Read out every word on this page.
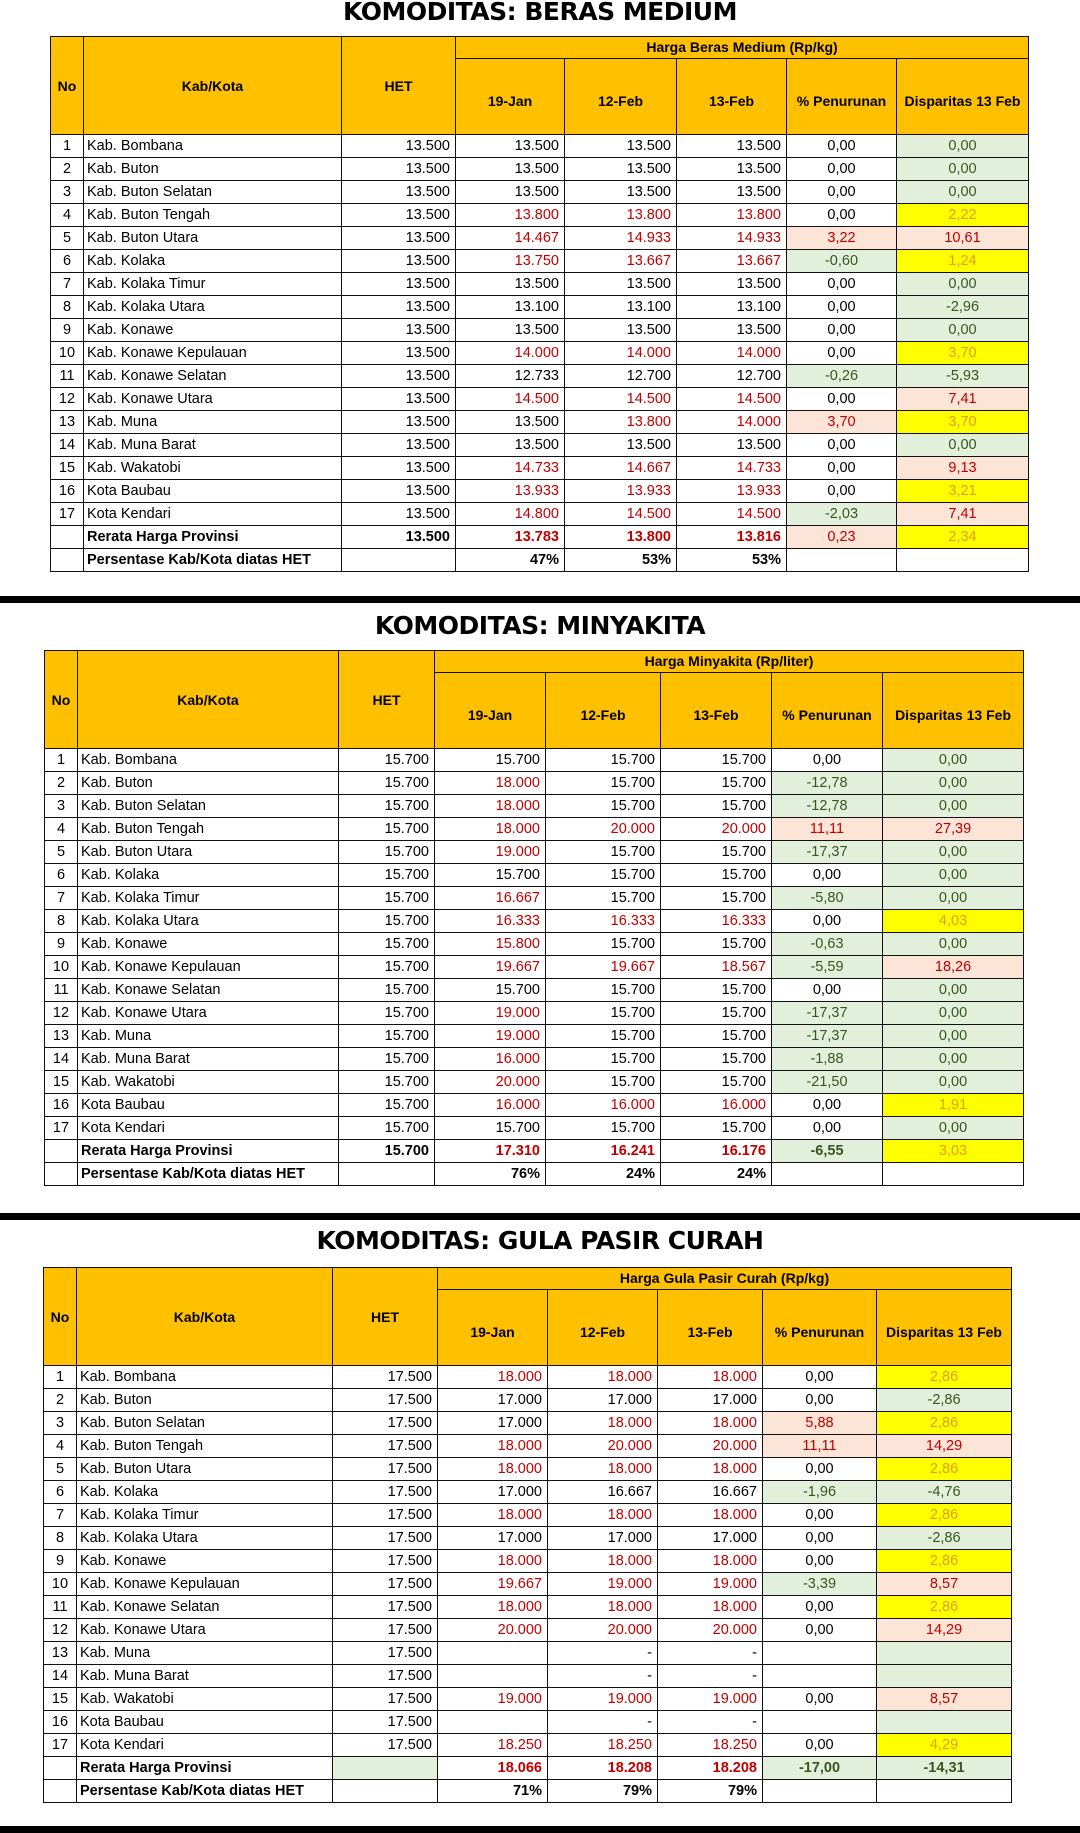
KOMODITAS: BERAS MEDIUM
No	Kab/Kota	HET	Harga Beras Medium (Rp/kg)				
			19-Jan	12-Feb	13-Feb	% Penurunan	Disparitas 13 Feb
1	Kab. Bombana	13.500	13.500	13.500	13.500	0,00	0,00
2	Kab. Buton	13.500	13.500	13.500	13.500	0,00	0,00
3	Kab. Buton Selatan	13.500	13.500	13.500	13.500	0,00	0,00
4	Kab. Buton Tengah	13.500	13.800	13.800	13.800	0,00	2,22
5	Kab. Buton Utara	13.500	14.467	14.933	14.933	3,22	10,61
6	Kab. Kolaka	13.500	13.750	13.667	13.667	-0,60	1,24
7	Kab. Kolaka Timur	13.500	13.500	13.500	13.500	0,00	0,00
8	Kab. Kolaka Utara	13.500	13.100	13.100	13.100	0,00	-2,96
9	Kab. Konawe	13.500	13.500	13.500	13.500	0,00	0,00
10	Kab. Konawe Kepulauan	13.500	14.000	14.000	14.000	0,00	3,70
11	Kab. Konawe Selatan	13.500	12.733	12.700	12.700	-0,26	-5,93
12	Kab. Konawe Utara	13.500	14.500	14.500	14.500	0,00	7,41
13	Kab. Muna	13.500	13.500	13.800	14.000	3,70	3,70
14	Kab. Muna Barat	13.500	13.500	13.500	13.500	0,00	0,00
15	Kab. Wakatobi	13.500	14.733	14.667	14.733	0,00	9,13
16	Kota Baubau	13.500	13.933	13.933	13.933	0,00	3,21
17	Kota Kendari	13.500	14.800	14.500	14.500	-2,03	7,41
	Rerata Harga Provinsi	13.500	13.783	13.800	13.816	0,23	2,34
	Persentase Kab/Kota diatas HET		47%	53%	53%		
KOMODITAS: MINYAKITA
No	Kab/Kota	HET	Harga Minyakita (Rp/liter)				
			19-Jan	12-Feb	13-Feb	% Penurunan	Disparitas 13 Feb
1	Kab. Bombana	15.700	15.700	15.700	15.700	0,00	0,00
2	Kab. Buton	15.700	18.000	15.700	15.700	-12,78	0,00
3	Kab. Buton Selatan	15.700	18.000	15.700	15.700	-12,78	0,00
4	Kab. Buton Tengah	15.700	18.000	20.000	20.000	11,11	27,39
5	Kab. Buton Utara	15.700	19.000	15.700	15.700	-17,37	0,00
6	Kab. Kolaka	15.700	15.700	15.700	15.700	0,00	0,00
7	Kab. Kolaka Timur	15.700	16.667	15.700	15.700	-5,80	0,00
8	Kab. Kolaka Utara	15.700	16.333	16.333	16.333	0,00	4,03
9	Kab. Konawe	15.700	15.800	15.700	15.700	-0,63	0,00
10	Kab. Konawe Kepulauan	15.700	19.667	19.667	18.567	-5,59	18,26
11	Kab. Konawe Selatan	15.700	15.700	15.700	15.700	0,00	0,00
12	Kab. Konawe Utara	15.700	19.000	15.700	15.700	-17,37	0,00
13	Kab. Muna	15.700	19.000	15.700	15.700	-17,37	0,00
14	Kab. Muna Barat	15.700	16.000	15.700	15.700	-1,88	0,00
15	Kab. Wakatobi	15.700	20.000	15.700	15.700	-21,50	0,00
16	Kota Baubau	15.700	16.000	16.000	16.000	0,00	1,91
17	Kota Kendari	15.700	15.700	15.700	15.700	0,00	0,00
	Rerata Harga Provinsi	15.700	17.310	16.241	16.176	-6,55	3,03
	Persentase Kab/Kota diatas HET		76%	24%	24%		
KOMODITAS: GULA PASIR CURAH
No	Kab/Kota	HET	Harga Gula Pasir Curah (Rp/kg)				
			19-Jan	12-Feb	13-Feb	% Penurunan	Disparitas 13 Feb
1	Kab. Bombana	17.500	18.000	18.000	18.000	0,00	2,86
2	Kab. Buton	17.500	17.000	17.000	17.000	0,00	-2,86
3	Kab. Buton Selatan	17.500	17.000	18.000	18.000	5,88	2,86
4	Kab. Buton Tengah	17.500	18.000	20.000	20.000	11,11	14,29
5	Kab. Buton Utara	17.500	18.000	18.000	18.000	0,00	2,86
6	Kab. Kolaka	17.500	17.000	16.667	16.667	-1,96	-4,76
7	Kab. Kolaka Timur	17.500	18.000	18.000	18.000	0,00	2,86
8	Kab. Kolaka Utara	17.500	17.000	17.000	17.000	0,00	-2,86
9	Kab. Konawe	17.500	18.000	18.000	18.000	0,00	2,86
10	Kab. Konawe Kepulauan	17.500	19.667	19.000	19.000	-3,39	8,57
11	Kab. Konawe Selatan	17.500	18.000	18.000	18.000	0,00	2,86
12	Kab. Konawe Utara	17.500	20.000	20.000	20.000	0,00	14,29
13	Kab. Muna	17.500		-	-		
14	Kab. Muna Barat	17.500		-	-		
15	Kab. Wakatobi	17.500	19.000	19.000	19.000	0,00	8,57
16	Kota Baubau	17.500		-	-		
17	Kota Kendari	17.500	18.250	18.250	18.250	0,00	4,29
	Rerata Harga Provinsi		18.066	18.208	18.208	-17,00	-14,31
	Persentase Kab/Kota diatas HET		71%	79%	79%		
